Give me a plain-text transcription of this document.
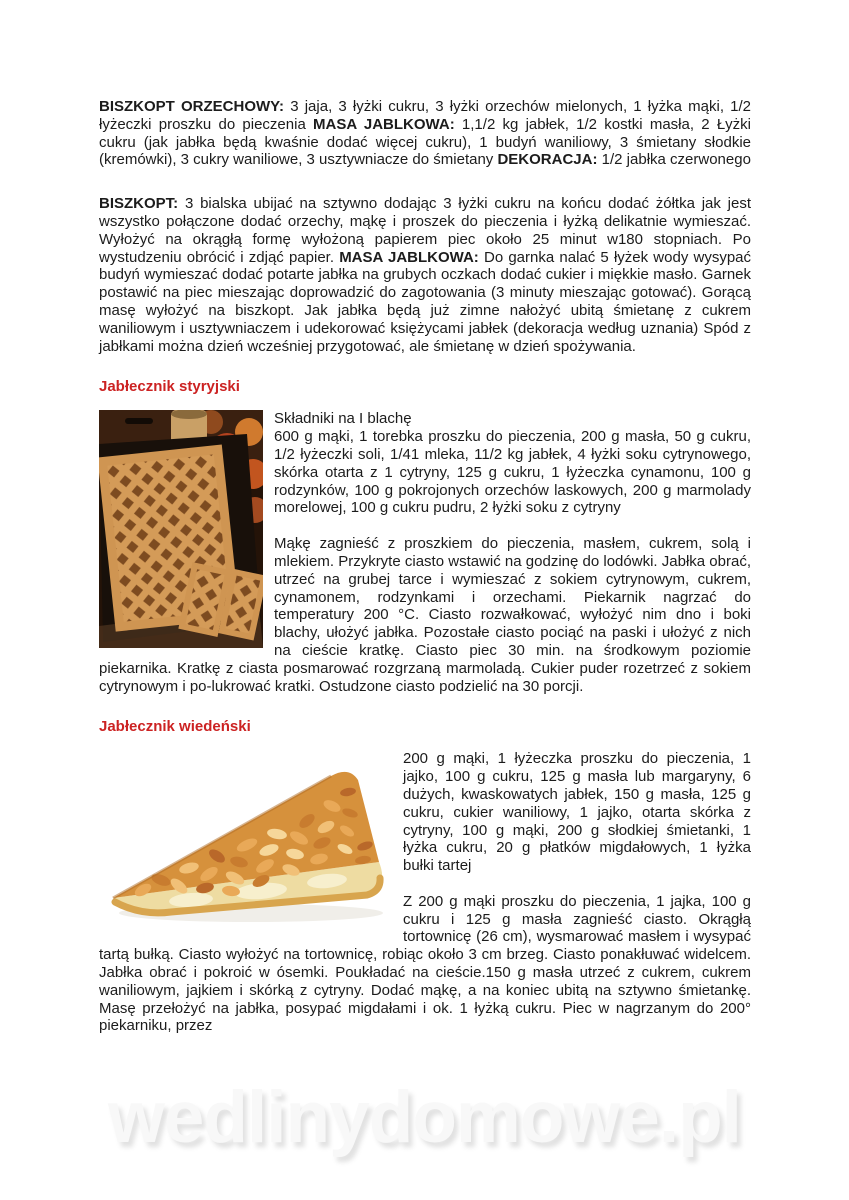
BISZKOPT ORZECHOWY: 3 jaja, 3 łyżki cukru, 3 łyżki orzechów mielonych, 1 łyżka mąki, 1/2 łyżeczki proszku do pieczenia MASA JABLKOWA: 1,1/2 kg jabłek, 1/2 kostki masła, 2 Łyżki cukru (jak jabłka będą kwaśnie dodać więcej cukru), 1 budyń waniliowy, 3 śmietany słodkie (kremówki), 3 cukry waniliowe, 3 usztywniacze do śmietany DEKORACJA: 1/2 jabłka czerwonego

BISZKOPT: 3 bialska ubijać na sztywno dodając 3 łyżki cukru na końcu dodać żółtka jak jest wszystko połączone dodać orzechy, mąkę i proszek do pieczenia i łyżką delikatnie wymieszać. Wyłożyć na okrągłą formę wyłożoną papierem piec około 25 minut w180 stopniach. Po wystudzeniu obrócić i zdjąć papier. MASA JABLKOWA: Do garnka nalać 5 łyżek wody wysypać budyń wymieszać dodać potarte jabłka na grubych oczkach dodać cukier i miękkie masło. Garnek postawić na piec mieszając doprowadzić do zagotowania (3 minuty mieszając gotować). Gorącą masę wyłożyć na biszkopt. Jak jabłka będą już zimne nałożyć ubitą śmietanę z cukrem waniliowym i usztywniaczem i udekorować księżycami jabłek (dekoracja według uznania) Spód z jabłkami można dzień wcześniej przygotować, ale śmietanę w dzień spożywania.

Jabłecznik styryjski

Składniki na I blachę

600 g mąki, 1 torebka proszku do pieczenia, 200 g masła, 50 g cukru, 1/2 łyżeczki soli, 1/41 mleka, 11/2 kg jabłek, 4 łyżki soku cytrynowego, skórka otarta z 1 cytryny, 125 g cukru, 1 łyżeczka cynamonu, 100 g rodzynków, 100 g pokrojonych orzechów laskowych, 200 g marmolady morelowej, 100 g cukru pudru, 2 łyżki soku z cytryny

Mąkę zagnieść z proszkiem do pieczenia, masłem, cukrem, solą i mlekiem. Przykryte ciasto wstawić na godzinę do lodówki. Jabłka obrać, utrzeć na grubej tarce i wymieszać z sokiem cytrynowym, cukrem, cynamonem, rodzynkami i orzechami. Piekarnik nagrzać do temperatury 200 °C. Ciasto rozwałkować, wyłożyć nim dno i boki blachy, ułożyć jabłka. Pozostałe ciasto pociąć na paski i ułożyć z nich na cieście kratkę. Ciasto piec 30 min. na środkowym poziomie piekarnika. Kratkę z ciasta posmarować rozgrzaną marmoladą. Cukier puder rozetrzeć z sokiem cytrynowym i po-lukrować kratki. Ostudzone ciasto podzielić na 30 porcji.

Jabłecznik wiedeński

200 g mąki, 1 łyżeczka proszku do pieczenia, 1 jajko, 100 g cukru, 125 g masła lub margaryny, 6 dużych, kwaskowatych jabłek, 150 g masła, 125 g cukru, cukier waniliowy, 1 jajko, otarta skórka z cytryny, 100 g mąki, 200 g słodkiej śmietanki, 1 łyżka cukru, 20 g płatków migdałowych, 1 łyżka bułki tartej

Z 200 g mąki proszku do pieczenia, 1 jajka, 100 g cukru i 125 g masła zagnieść ciasto. Okrągłą tortownicę (26 cm), wysmarować masłem i wysypać tartą bułką. Ciasto wyłożyć na tortownicę, robiąc około 3 cm brzeg. Ciasto ponakłuwać widelcem. Jabłka obrać i pokroić w ósemki. Poukładać na cieście.150 g masła utrzeć z cukrem, cukrem waniliowym, jajkiem i skórką z cytryny. Dodać mąkę, a na koniec ubitą na sztywno śmietankę. Masę przełożyć na jabłka, posypać migdałami i ok. 1 łyżką cukru. Piec w nagrzanym do 200° piekarniku, przez

wedlinydomowe.pl
